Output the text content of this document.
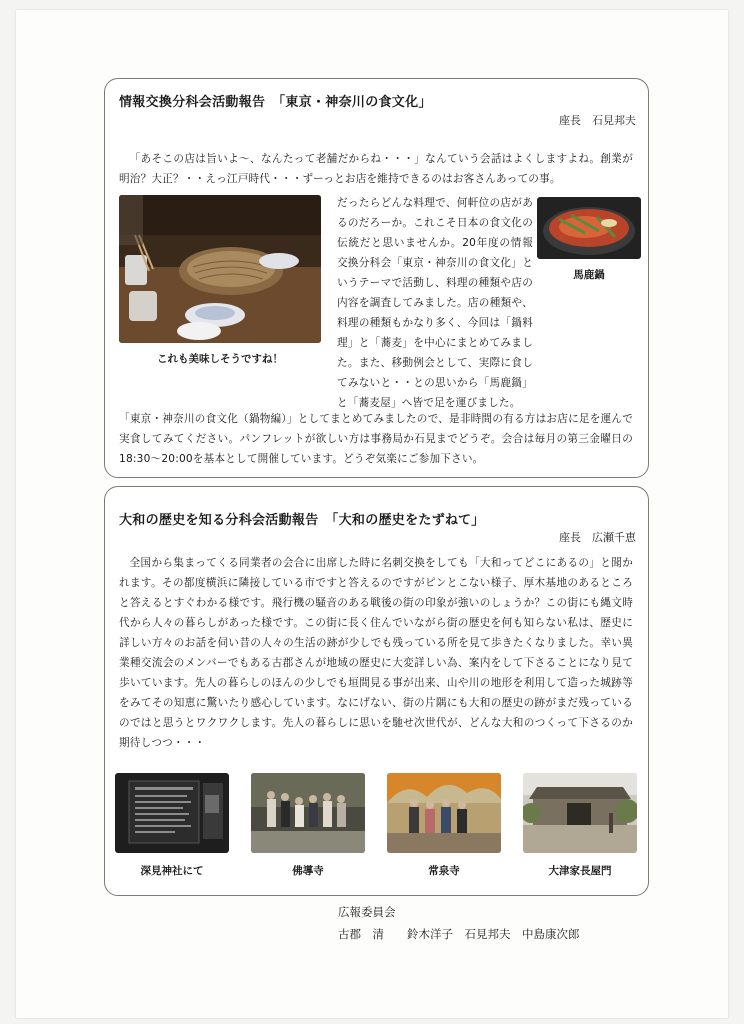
情報交換分科会活動報告　「東京・神奈川の食文化」
座長　石見邦夫

「あそこの店は旨いよ～、なんたって老舗だからね・・・」なんていう会話はよくしますよね。創業が明治？大正？・・えっ江戸時代・・・ずーっとお店を維持できるのはお客さんあっての事。

これも美味しそうですね！

だったらどんな料理で、何軒位の店があるのだろーか。これこそ日本の食文化の伝統だと思いませんか。20年度の情報交換分科会「東京・神奈川の食文化」というテーマで活動し、料理の種類や店の内容を調査してみました。店の種類や、料理の種類もかなり多く、今回は「鍋料理」と「蕎麦」を中心にまとめてみました。また、移動例会として、実際に食してみないと・・との思いから「馬鹿鍋」と「蕎麦屋」へ皆で足を運びました。

馬鹿鍋

「東京・神奈川の食文化（鍋物編）」としてまとめてみましたので、是非時間の有る方はお店に足を運んで実食してみてください。パンフレットが欲しい方は事務局か石見までどうぞ。会合は毎月の第三金曜日の18:30～20:00を基本として開催しています。どうぞ気楽にご参加下さい。

大和の歴史を知る分科会活動報告　「大和の歴史をたずねて」
座長　広瀬千恵

全国から集まってくる同業者の会合に出席した時に名刺交換をしても「大和ってどこにあるの」と聞かれます。その都度横浜に隣接している市ですと答えるのですがピンとこない様子、厚木基地のあるところと答えるとすぐわかる様です。飛行機の騒音のある戦後の街の印象が強いのしょうか？この街にも縄文時代から人々の暮らしがあった様です。この街に長く住んでいながら街の歴史を何も知らない私は、歴史に詳しい方々のお話を伺い昔の人々の生活の跡が少しでも残っている所を見て歩きたくなりました。幸い異業種交流会のメンバーでもある古郡さんが地域の歴史に大変詳しい為、案内をして下さることになり見て歩いています。先人の暮らしのほんの少しでも垣間見る事が出来、山や川の地形を利用して造った城跡等をみてその知恵に驚いたり感心しています。なにげない、街の片隅にも大和の歴史の跡がまだ残っているのではと思うとワクワクします。先人の暮らしに思いを馳せ次世代が、どんな大和のつくって下さるのか期待しつつ・・・

深見神社にて	佛導寺	常泉寺	大津家長屋門
広報委員会
古郡　清　　鈴木洋子　石見邦夫　中島康次郎
